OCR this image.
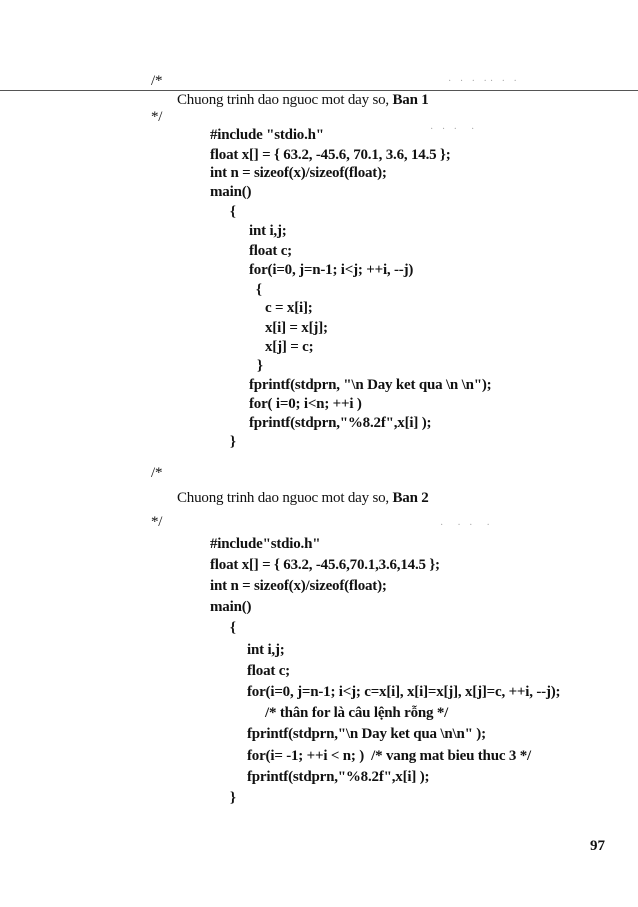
· · · ·· · ·
· · ·  ·
·  · ·  ·
/*
Chuong trinh dao nguoc mot day so, Ban 1
*/
#include "stdio.h"
float x[] = { 63.2, -45.6, 70.1, 3.6, 14.5 };
int n = sizeof(x)/sizeof(float);
main()
{
int i,j;
float c;
for(i=0, j=n-1; i<j; ++i, --j)
{
c = x[i];
x[i] = x[j];
x[j] = c;
}
fprintf(stdprn, "\n Day ket qua \n \n");
for( i=0; i<n; ++i )
fprintf(stdprn,"%8.2f",x[i] );
}
/*
Chuong trinh dao nguoc mot day so, Ban 2
*/
#include"stdio.h"
float x[] = { 63.2, -45.6,70.1,3.6,14.5 };
int n = sizeof(x)/sizeof(float);
main()
{
int i,j;
float c;
for(i=0, j=n-1; i<j; c=x[i], x[i]=x[j], x[j]=c, ++i, --j);
/* thân for là câu lệnh rỗng */
fprintf(stdprn,"\n Day ket qua \n\n" );
for(i= -1; ++i < n; )  /* vang mat bieu thuc 3 */
fprintf(stdprn,"%8.2f",x[i] );
}
97
